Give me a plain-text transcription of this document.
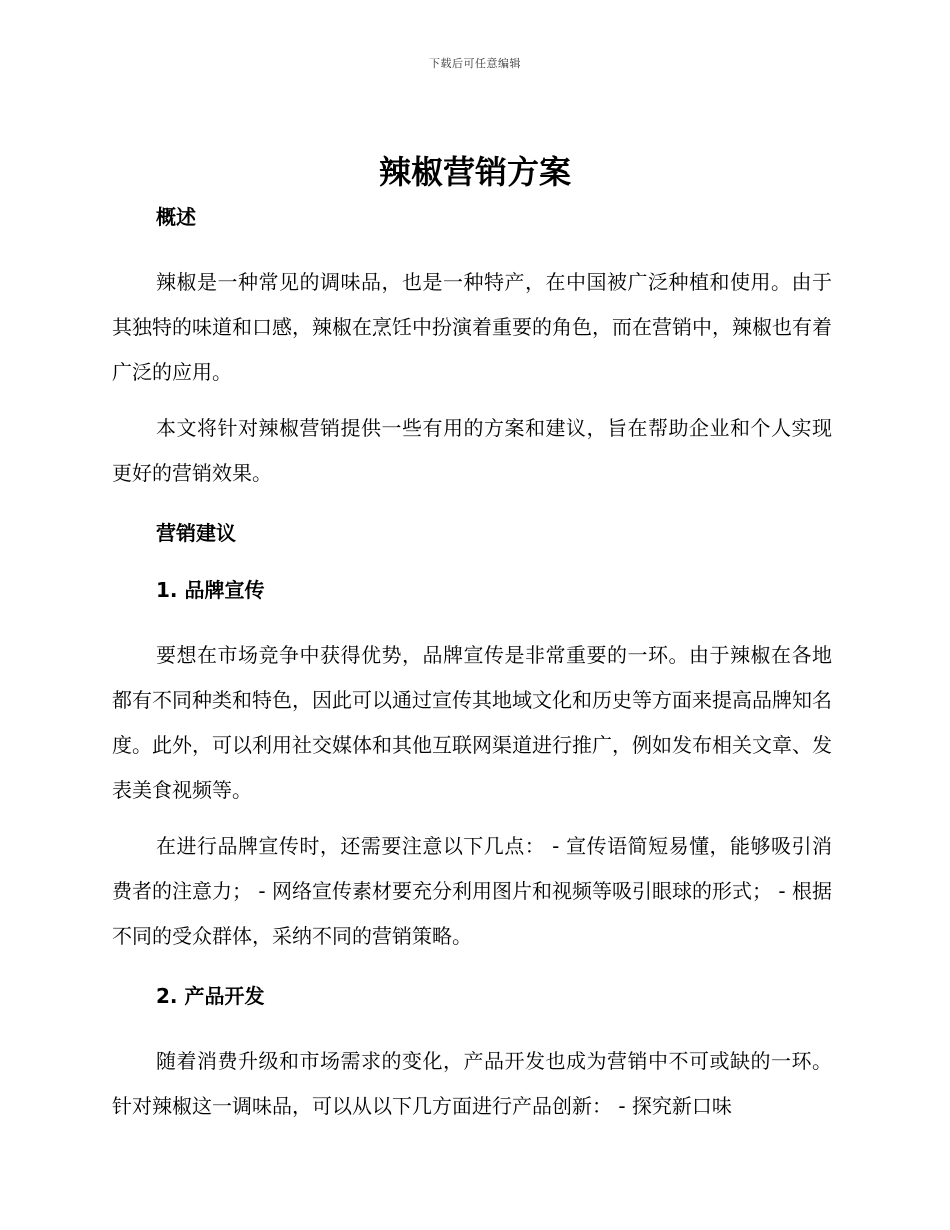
下载后可任意编辑
辣椒营销方案

概述

辣椒是一种常见的调味品，也是一种特产，在中国被广泛种植和使用。由于其独特的味道和口感，辣椒在烹饪中扮演着重要的角色，而在营销中，辣椒也有着广泛的应用。

本文将针对辣椒营销提供一些有用的方案和建议，旨在帮助企业和个人实现更好的营销效果。

营销建议

1. 品牌宣传

要想在市场竞争中获得优势，品牌宣传是非常重要的一环。由于辣椒在各地都有不同种类和特色，因此可以通过宣传其地域文化和历史等方面来提高品牌知名度。此外，可以利用社交媒体和其他互联网渠道进行推广，例如发布相关文章、发表美食视频等。

在进行品牌宣传时，还需要注意以下几点： - 宣传语简短易懂，能够吸引消费者的注意力； - 网络宣传素材要充分利用图片和视频等吸引眼球的形式； - 根据不同的受众群体，采纳不同的营销策略。

2. 产品开发

随着消费升级和市场需求的变化，产品开发也成为营销中不可或缺的一环。针对辣椒这一调味品，可以从以下几方面进行产品创新： - 探究新口味
